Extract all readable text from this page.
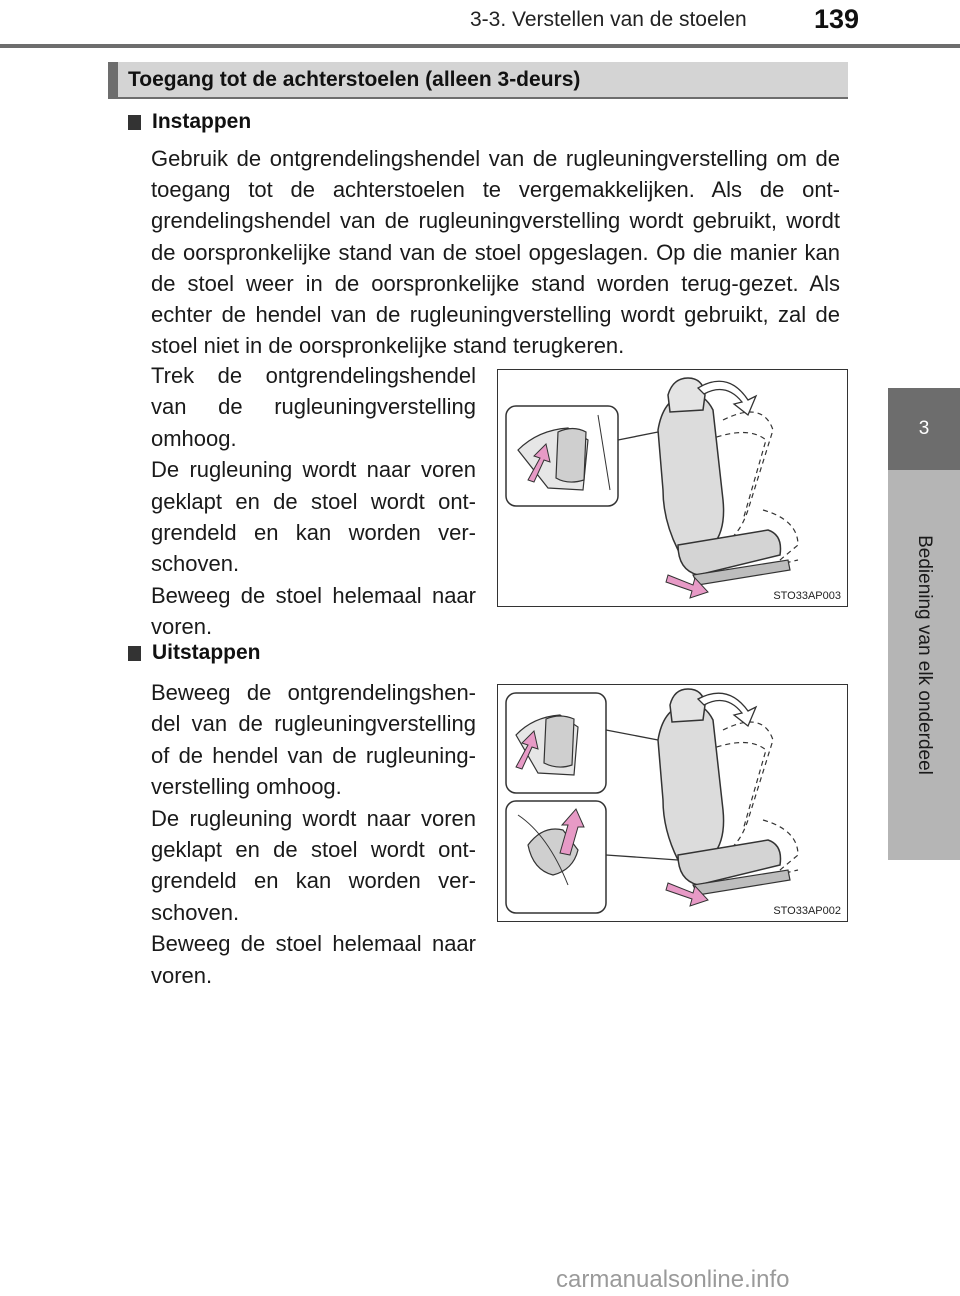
3-3. Verstellen van de stoelen 139
3
Bediening van elk onderdeel
Toegang tot de achterstoelen (alleen 3-deurs)
Instappen
Gebruik de ontgrendelingshendel van de rugleuningverstelling om de toegang tot de achterstoelen te vergemakkelijken. Als de ont-grendelingshendel van de rugleuningverstelling wordt gebruikt, wordt de oorspronkelijke stand van de stoel opgeslagen. Op die manier kan de stoel weer in de oorspronkelijke stand worden terug-gezet. Als echter de hendel van de rugleuningverstelling wordt gebruikt, zal de stoel niet in de oorspronkelijke stand terugkeren.

Trek de ontgrendelingshendel van de rugleuningverstelling omhoog.

De rugleuning wordt naar voren geklapt en de stoel wordt ont-grendeld en kan worden ver-schoven.

Beweeg de stoel helemaal naar voren.

STO33AP003
Uitstappen

Beweeg de ontgrendelingshen-del van de rugleuningverstelling of de hendel van de rugleuning-verstelling omhoog.

De rugleuning wordt naar voren geklapt en de stoel wordt ont-grendeld en kan worden ver-schoven.

Beweeg de stoel helemaal naar voren.

STO33AP002
carmanualsonline.info
